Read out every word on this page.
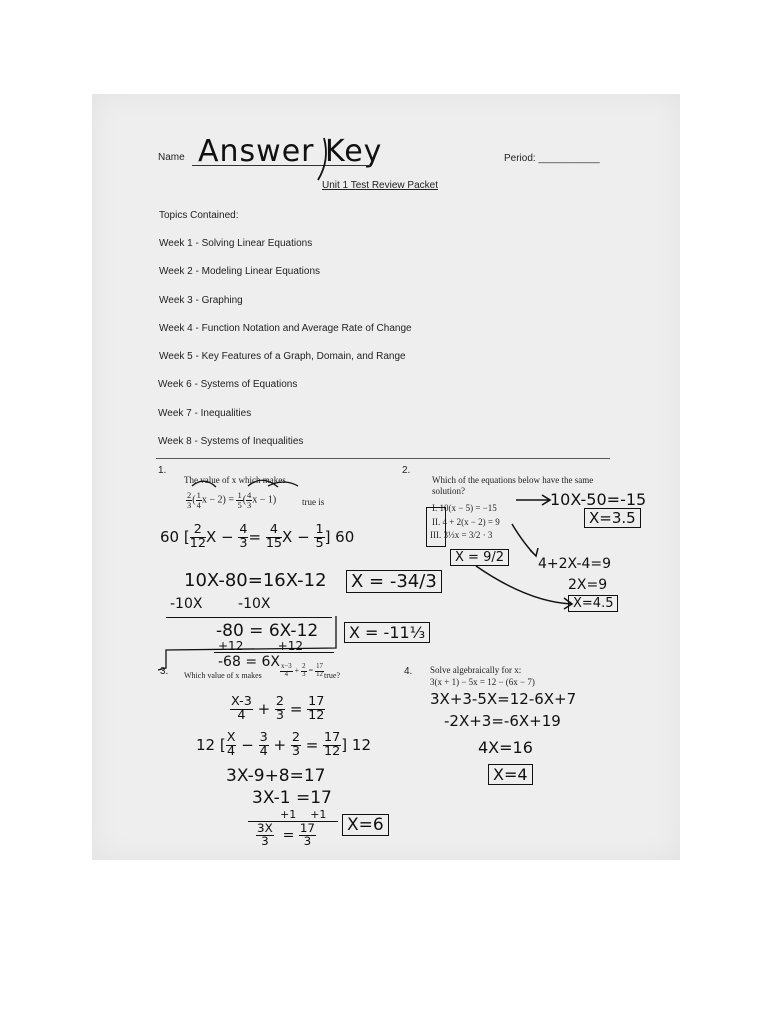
Name Answer Key	Period: ___________
Unit 1 Test Review Packet
Topics Contained:
Week 1 - Solving Linear Equations
Week 2 - Modeling Linear Equations
Week 3 - Graphing
Week 4 - Function Notation and Average Rate of Change
Week 5 - Key Features of a Graph, Domain, and Range
Week 6 - Systems of Equations
Week 7 - Inequalities
Week 8 - Systems of Inequalities
1.
The value of x which makes
$\frac{2}{3}$ ( $\frac{1}{4}$ $x - 2) = \frac{1}{5}$ ( $\frac{4}{3}$ x − 1)	true is
60 [ $\frac{2}{12}$ $X - \frac{4}{3} = \frac{4}{15}$ $X - \frac{1}{5}$ ] 60
10X-80=16X-12
-10X        -10X
-80 = 6X-12
+12         +12
-68 = 6X
X = -34/3
X = -11⅓
2.
Which of the equations below have the same solution?
I. 10(x − 5) = −15
II. 4 + 2(x − 2) = 9
III. 3⅓x = 3/2 · 3
10X-50=-15
X=3.5
X = 9/2	4+2X-4=9
2X=9
X=4.5
3. Which value of x makes	$\frac{x-3}{4} + \frac{2}{3} = \frac{17}{12}$ true?
$\frac{X-3}{4} + \frac{2}{3} = \frac{17}{12}$
12 [ $\frac{X}{4} - \frac{3}{4} + \frac{2}{3} = \frac{17}{12}$ ] 12
3X-9+8=17
3X-1 =17
+1    +1
$\frac{3X}{3} = \frac{17}{3} X=6$
4. Solve algebraically for x:
3(x + 1) − 5x = 12 − (6x − 7)
3X+3-5X=12-6X+7
-2X+3=-6X+19
4X=16
X=4
